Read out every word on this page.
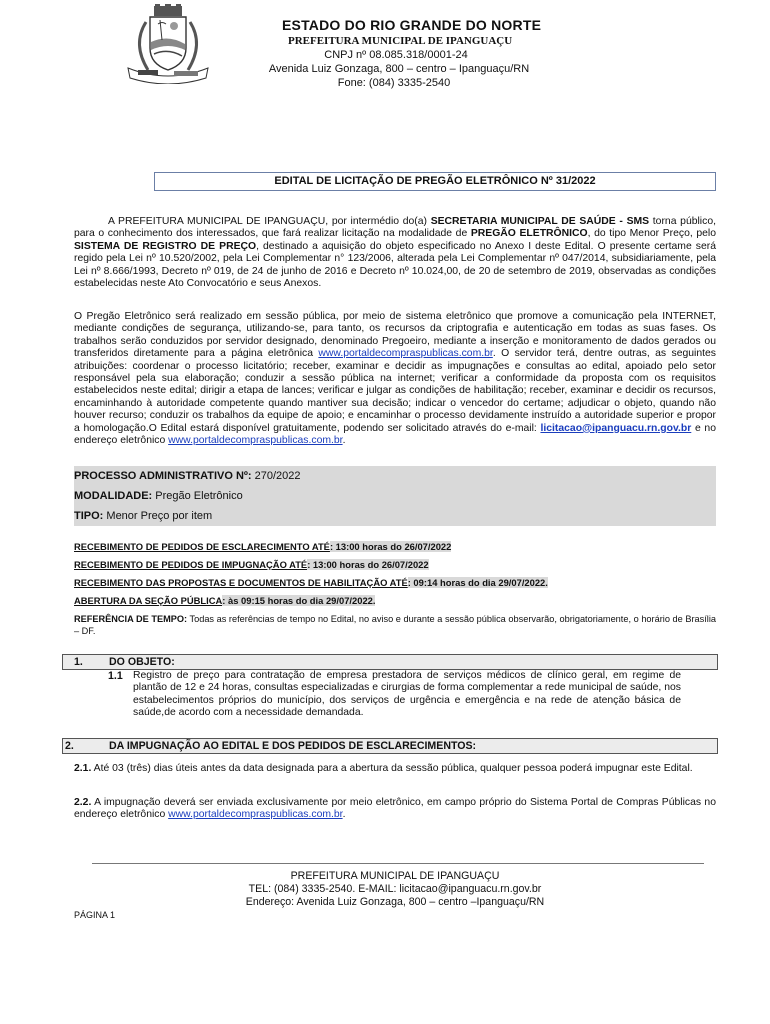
ESTADO DO RIO GRANDE DO NORTE
PREFEITURA MUNICIPAL DE IPANGUAÇU
CNPJ nº 08.085.318/0001-24
Avenida Luiz Gonzaga, 800 – centro – Ipanguaçu/RN
Fone: (084) 3335-2540
EDITAL DE LICITAÇÃO DE PREGÃO ELETRÔNICO Nº 31/2022
A PREFEITURA MUNICIPAL DE IPANGUAÇU, por intermédio do(a) SECRETARIA MUNICIPAL DE SAÚDE - SMS torna público, para o conhecimento dos interessados, que fará realizar licitação na modalidade de PREGÃO ELETRÔNICO, do tipo Menor Preço, pelo SISTEMA DE REGISTRO DE PREÇO, destinado a aquisição do objeto especificado no Anexo I deste Edital. O presente certame será regido pela Lei nº 10.520/2002, pela Lei Complementar n° 123/2006, alterada pela Lei Complementar nº 047/2014, subsidiariamente, pela Lei nº 8.666/1993, Decreto nº 019, de 24 de junho de 2016 e Decreto nº 10.024,00, de 20 de setembro de 2019, observadas as condições estabelecidas neste Ato Convocatório e seus Anexos.
O Pregão Eletrônico será realizado em sessão pública, por meio de sistema eletrônico que promove a comunicação pela INTERNET, mediante condições de segurança, utilizando-se, para tanto, os recursos da criptografia e autenticação em todas as suas fases. Os trabalhos serão conduzidos por servidor designado, denominado Pregoeiro, mediante a inserção e monitoramento de dados gerados ou transferidos diretamente para a página eletrônica www.portaldecompraspublicas.com.br. O servidor terá, dentre outras, as seguintes atribuições: coordenar o processo licitatório; receber, examinar e decidir as impugnações e consultas ao edital, apoiado pelo setor responsável pela sua elaboração; conduzir a sessão pública na internet; verificar a conformidade da proposta com os requisitos estabelecidos neste edital; dirigir a etapa de lances; verificar e julgar as condições de habilitação; receber, examinar e decidir os recursos, encaminhando à autoridade competente quando mantiver sua decisão; indicar o vencedor do certame; adjudicar o objeto, quando não houver recurso; conduzir os trabalhos da equipe de apoio; e encaminhar o processo devidamente instruído a autoridade superior e propor a homologação.O Edital estará disponível gratuitamente, podendo ser solicitado através do e-mail: licitacao@ipanguacu.rn.gov.br e no endereço eletrônico www.portaldecompraspublicas.com.br.
PROCESSO ADMINISTRATIVO Nº: 270/2022
MODALIDADE: Pregão Eletrônico
TIPO: Menor Preço por item
RECEBIMENTO DE PEDIDOS DE ESCLARECIMENTO ATÉ: 13:00 horas do 26/07/2022
RECEBIMENTO DE PEDIDOS DE IMPUGNAÇÃO ATÉ: 13:00 horas do 26/07/2022
RECEBIMENTO DAS PROPOSTAS E DOCUMENTOS DE HABILITAÇÃO ATÉ: 09:14 horas do dia 29/07/2022.
ABERTURA DA SEÇÃO PÚBLICA: às 09:15 horas do dia 29/07/2022.
REFERÊNCIA DE TEMPO: Todas as referências de tempo no Edital, no aviso e durante a sessão pública observarão, obrigatoriamente, o horário de Brasília – DF.
1. DO OBJETO:
1.1 Registro de preço para contratação de empresa prestadora de serviços médicos de clínico geral, em regime de plantão de 12 e 24 horas, consultas especializadas e cirurgias de forma complementar a rede municipal de saúde, nos estabelecimentos próprios do município, dos serviços de urgência e emergência e na rede de atenção básica de saúde,de acordo com a necessidade demandada.
2.	DA IMPUGNAÇÃO AO EDITAL E DOS PEDIDOS DE ESCLARECIMENTOS:
2.1. Até 03 (três) dias úteis antes da data designada para a abertura da sessão pública, qualquer pessoa poderá impugnar este Edital.
2.2. A impugnação deverá ser enviada exclusivamente por meio eletrônico, em campo próprio do Sistema Portal de Compras Públicas no endereço eletrônico www.portaldecompraspublicas.com.br.
PREFEITURA MUNICIPAL DE IPANGUAÇU
TEL: (084) 3335-2540. E-MAIL: licitacao@ipanguacu.rn.gov.br
Endereço: Avenida Luiz Gonzaga, 800 – centro –Ipanguaçu/RN
PÁGINA 1
